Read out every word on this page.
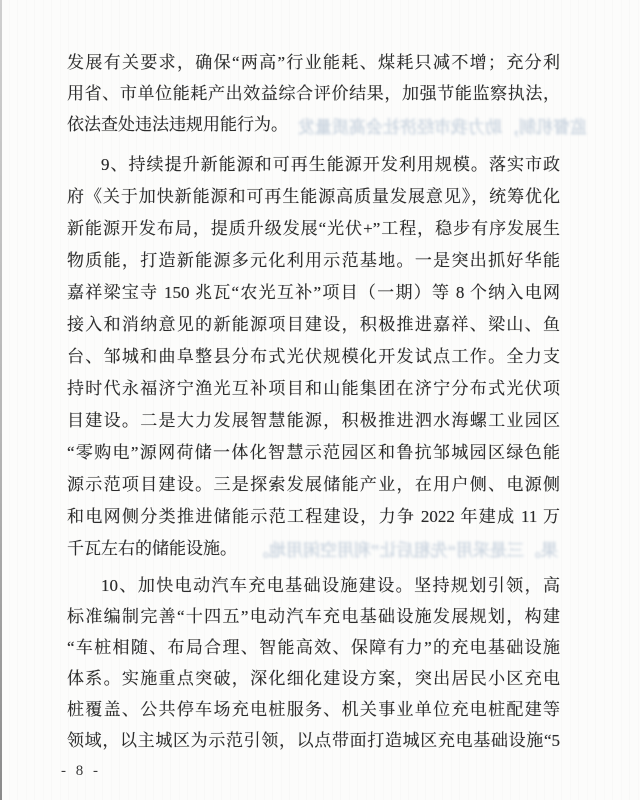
监督机制，助力我市经济社会高质量发
果。三是采用“先租后让”利用空闲用地。
发展有关要求，确保“两高”行业能耗、煤耗只减不增；充分利
用省、市单位能耗产出效益综合评价结果，加强节能监察执法，
依法查处违法违规用能行为。
9、持续提升新能源和可再生能源开发利用规模。落实市政
府《关于加快新能源和可再生能源高质量发展意见》，统筹优化
新能源开发布局，提质升级发展“光伏+”工程，稳步有序发展生
物质能，打造新能源多元化利用示范基地。一是突出抓好华能
嘉祥梁宝寺 150 兆瓦“农光互补”项目（一期）等 8 个纳入电网
接入和消纳意见的新能源项目建设，积极推进嘉祥、梁山、鱼
台、邹城和曲阜整县分布式光伏规模化开发试点工作。全力支
持时代永福济宁渔光互补项目和山能集团在济宁分布式光伏项
目建设。二是大力发展智慧能源，积极推进泗水海螺工业园区
“零购电”源网荷储一体化智慧示范园区和鲁抗邹城园区绿色能
源示范项目建设。三是探索发展储能产业，在用户侧、电源侧
和电网侧分类推进储能示范工程建设，力争 2022 年建成 11 万
千瓦左右的储能设施。
10、加快电动汽车充电基础设施建设。坚持规划引领，高
标准编制完善“十四五”电动汽车充电基础设施发展规划，构建
“车桩相随、布局合理、智能高效、保障有力”的充电基础设施
体系。实施重点突破，深化细化建设方案，突出居民小区充电
桩覆盖、公共停车场充电桩服务、机关事业单位充电桩配建等
领域，以主城区为示范引领，以点带面打造城区充电基础设施“5
- 8 -
